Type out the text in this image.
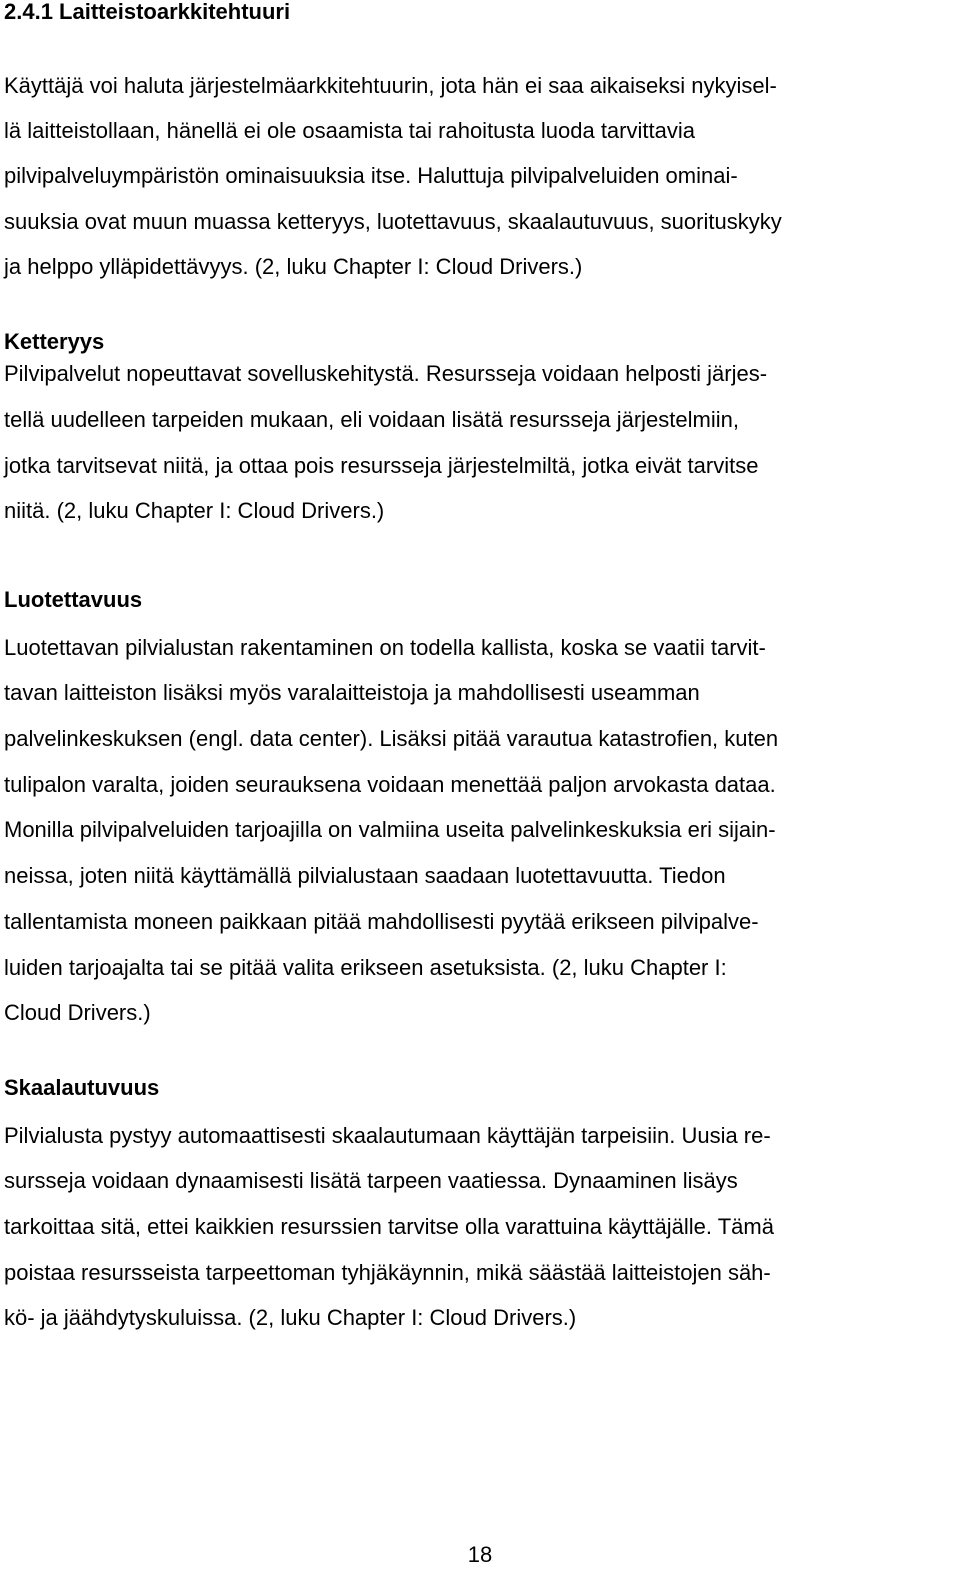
2.4.1 Laitteistoarkkitehtuuri

Käyttäjä voi haluta järjestelmäarkkitehtuurin, jota hän ei saa aikaiseksi nykyisel-

lä laitteistollaan, hänellä ei ole osaamista tai rahoitusta luoda tarvittavia

pilvipalveluympäristön ominaisuuksia itse. Haluttuja pilvipalveluiden ominai-

suuksia ovat muun muassa ketteryys, luotettavuus, skaalautuvuus, suorituskyky

ja helppo ylläpidettävyys. (2, luku Chapter I: Cloud Drivers.)

Ketteryys

Pilvipalvelut nopeuttavat sovelluskehitystä. Resursseja voidaan helposti järjes-

tellä uudelleen tarpeiden mukaan, eli voidaan lisätä resursseja järjestelmiin,

jotka tarvitsevat niitä, ja ottaa pois resursseja järjestelmiltä, jotka eivät tarvitse

niitä. (2, luku Chapter I: Cloud Drivers.)

Luotettavuus

Luotettavan pilvialustan rakentaminen on todella kallista, koska se vaatii tarvit-

tavan laitteiston lisäksi myös varalaitteistoja ja mahdollisesti useamman

palvelinkeskuksen (engl. data center). Lisäksi pitää varautua katastrofien, kuten

tulipalon varalta, joiden seurauksena voidaan menettää paljon arvokasta dataa.

Monilla pilvipalveluiden tarjoajilla on valmiina useita palvelinkeskuksia eri sijain-

neissa, joten niitä käyttämällä pilvialustaan saadaan luotettavuutta. Tiedon

tallentamista moneen paikkaan pitää mahdollisesti pyytää erikseen pilvipalve-

luiden tarjoajalta tai se pitää valita erikseen asetuksista. (2, luku Chapter I:

Cloud Drivers.)

Skaalautuvuus

Pilvialusta pystyy automaattisesti skaalautumaan käyttäjän tarpeisiin. Uusia re-

sursseja voidaan dynaamisesti lisätä tarpeen vaatiessa. Dynaaminen lisäys

tarkoittaa sitä, ettei kaikkien resurssien tarvitse olla varattuina käyttäjälle. Tämä

poistaa resursseista tarpeettoman tyhjäkäynnin, mikä säästää laitteistojen säh-

kö- ja jäähdytyskuluissa. (2, luku Chapter I: Cloud Drivers.)

18
